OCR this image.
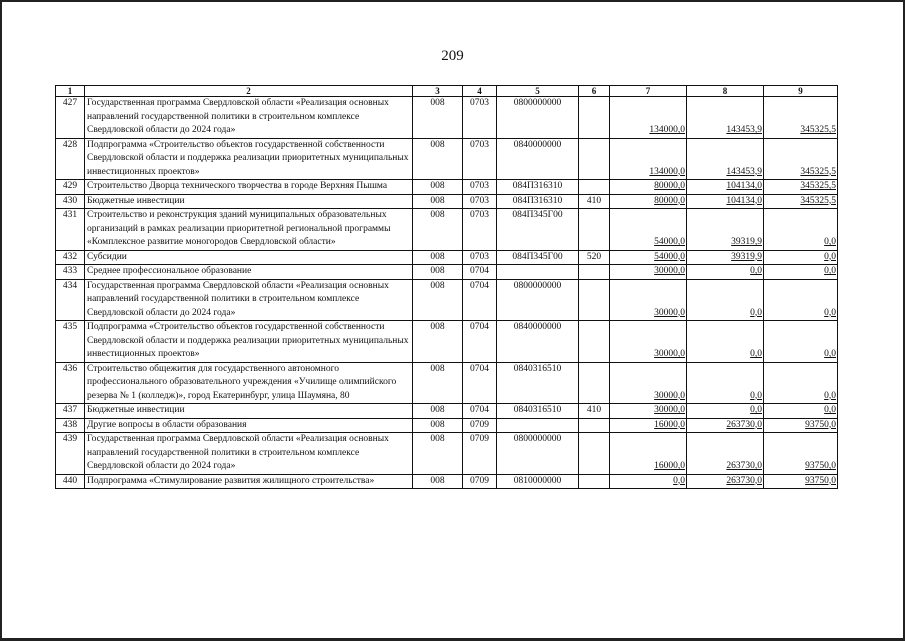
209
1	2	3	4	5	6	7	8	9
427	Государственная программа Свердловской области «Реализация основных направлений государственной политики в строительном комплексе Свердловской области до 2024 года»	008	0703	0800000000		134000,0	143453,9	345325,5
428	Подпрограмма «Строительство объектов государственной собственности Свердловской области и поддержка реализации приоритетных муниципальных инвестиционных проектов»	008	0703	0840000000		134000,0	143453,9	345325,5
429	Строительство Дворца технического творчества в городе Верхняя Пышма	008	0703	084П316310		80000,0	104134,0	345325,5
430	Бюджетные инвестиции	008	0703	084П316310	410	80000,0	104134,0	345325,5
431	Строительство и реконструкция зданий муниципальных образовательных организаций в рамках реализации приоритетной региональной программы «Комплексное развитие моногородов Свердловской области»	008	0703	084П345Г00		54000,0	39319,9	0,0
432	Субсидии	008	0703	084П345Г00	520	54000,0	39319,9	0,0
433	Среднее профессиональное образование	008	0704			30000,0	0,0	0,0
434	Государственная программа Свердловской области «Реализация основных направлений государственной политики в строительном комплексе Свердловской области до 2024 года»	008	0704	0800000000		30000,0	0,0	0,0
435	Подпрограмма «Строительство объектов государственной собственности Свердловской области и поддержка реализации приоритетных муниципальных инвестиционных проектов»	008	0704	0840000000		30000,0	0,0	0,0
436	Строительство общежития для государственного автономного профессионального образовательного учреждения «Училище олимпийского резерва № 1 (колледж)», город Екатеринбург, улица Шаумяна, 80	008	0704	0840316510		30000,0	0,0	0,0
437	Бюджетные инвестиции	008	0704	0840316510	410	30000,0	0,0	0,0
438	Другие вопросы в области образования	008	0709			16000,0	263730,0	93750,0
439	Государственная программа Свердловской области «Реализация основных направлений государственной политики в строительном комплексе Свердловской области до 2024 года»	008	0709	0800000000		16000,0	263730,0	93750,0
440	Подпрограмма «Стимулирование развития жилищного строительства»	008	0709	0810000000		0,0	263730,0	93750,0
